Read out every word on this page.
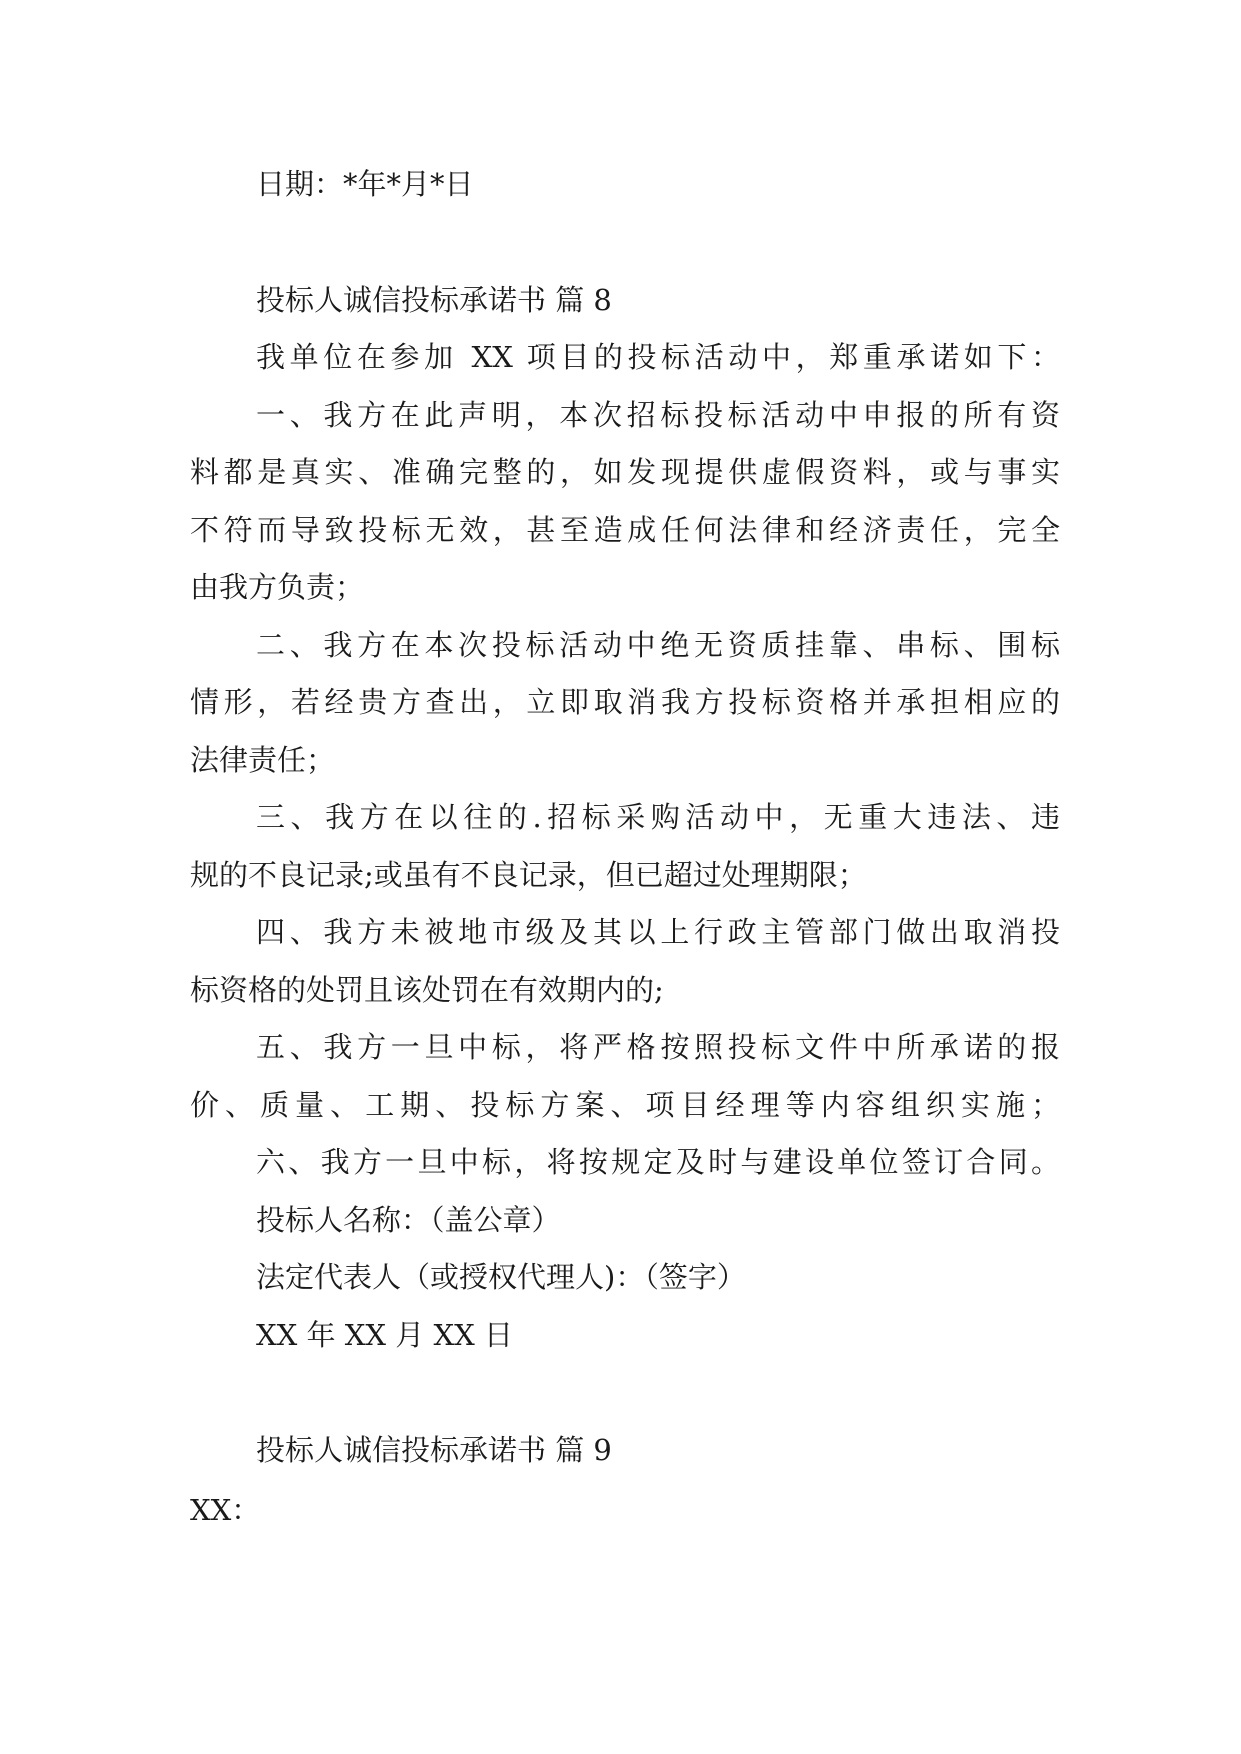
日期：*年*月*日
投标人诚信投标承诺书 篇 8
我单位在参加 XX 项目的投标活动中，郑重承诺如下：
一、我方在此声明，本次招标投标活动中申报的所有资
料都是真实、准确完整的，如发现提供虚假资料，或与事实
不符而导致投标无效，甚至造成任何法律和经济责任，完全
由我方负责；
二、我方在本次投标活动中绝无资质挂靠、串标、围标
情形，若经贵方查出，立即取消我方投标资格并承担相应的
法律责任；
三、我方在以往的.招标采购活动中，无重大违法、违
规的不良记录;或虽有不良记录，但已超过处理期限；
四、我方未被地市级及其以上行政主管部门做出取消投
标资格的处罚且该处罚在有效期内的;
五、我方一旦中标，将严格按照投标文件中所承诺的报
价、质量、工期、投标方案、项目经理等内容组织实施；
六、我方一旦中标，将按规定及时与建设单位签订合同。
投标人名称：（盖公章）
法定代表人（或授权代理人)：（签字）
XX 年 XX 月 XX 日
投标人诚信投标承诺书 篇 9
XX：
